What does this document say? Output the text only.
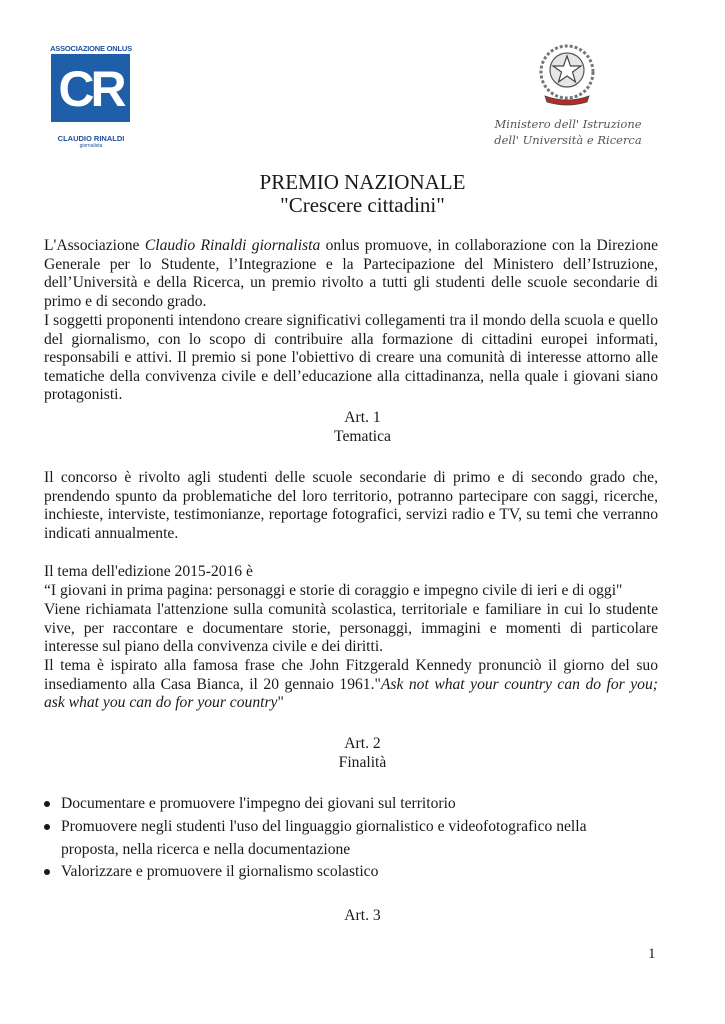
ASSOCIAZIONE ONLUS
CR
CLAUDIO RINALDI
giornalista
Ministero dell' Istruzione
dell' Università e Ricerca
PREMIO NAZIONALE
"Crescere cittadini"
L'Associazione Claudio Rinaldi giornalista onlus promuove, in collaborazione con la Direzione Generale per lo Studente, l’Integrazione e la Partecipazione del Ministero dell’Istruzione, dell’Università e della Ricerca, un premio rivolto a tutti gli studenti delle scuole secondarie di primo e di secondo grado.
I soggetti proponenti intendono creare significativi collegamenti tra il mondo della scuola e quello del giornalismo, con lo scopo di contribuire alla formazione di cittadini europei informati, responsabili e attivi. Il premio si pone l'obiettivo di creare una comunità di interesse attorno alle tematiche della convivenza civile e dell’educazione alla cittadinanza, nella quale i giovani siano protagonisti.
Art. 1
Tematica
Il concorso è rivolto agli studenti delle scuole secondarie di primo e di secondo grado che, prendendo spunto da problematiche del loro territorio, potranno partecipare con saggi, ricerche, inchieste, interviste, testimonianze, reportage fotografici, servizi radio e TV, su temi che verranno indicati annualmente.
Il tema dell'edizione 2015-2016 è
“I giovani in prima pagina: personaggi e storie di coraggio e impegno civile di ieri e di oggi"
Viene richiamata l'attenzione sulla comunità scolastica, territoriale e familiare in cui lo studente vive, per raccontare e documentare storie, personaggi, immagini e momenti di particolare interesse sul piano della convivenza civile e dei diritti.
Il tema è ispirato alla famosa frase che John Fitzgerald Kennedy pronunciò il giorno del suo insediamento alla Casa Bianca, il 20 gennaio 1961."Ask not what your country can do for you; ask what you can do for your country"
Art. 2
Finalità
Documentare e promuovere l'impegno dei giovani sul territorio
Promuovere negli studenti l'uso del linguaggio giornalistico e videofotografico nella proposta, nella ricerca e nella documentazione
Valorizzare e promuovere il giornalismo scolastico
Art. 3
1
